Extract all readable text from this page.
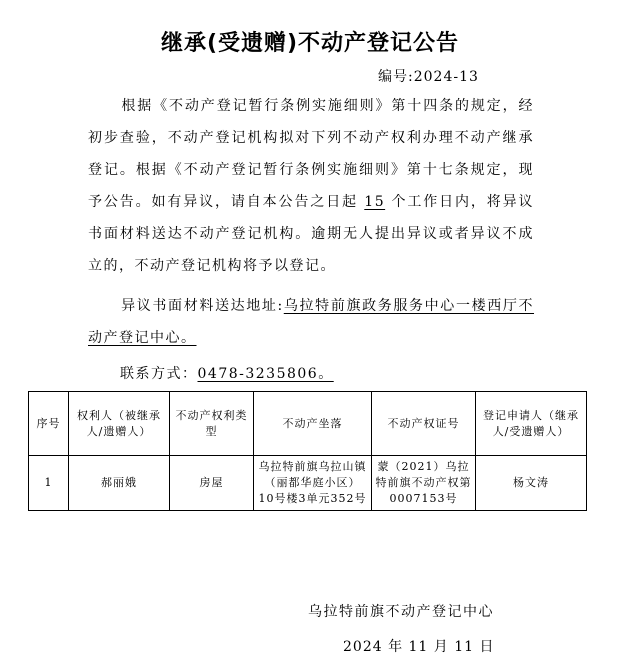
继承(受遗赠)不动产登记公告
编号:2024-13
根据《不动产登记暂行条例实施细则》第十四条的规定，经初步查验，不动产登记机构拟对下列不动产权利办理不动产继承登记。根据《不动产登记暂行条例实施细则》第十七条规定，现予公告。如有异议，请自本公告之日起 15 个工作日内，将异议书面材料送达不动产登记机构。逾期无人提出异议或者异议不成立的，不动产登记机构将予以登记。
异议书面材料送达地址:乌拉特前旗政务服务中心一楼西厅不动产登记中心。
联系方式：0478-3235806。
序号	权利人（被继承人/遗赠人）	不动产权利类型	不动产坐落	不动产权证号	登记申请人（继承人/受遗赠人）
1	郝丽娥	房屋	乌拉特前旗乌拉山镇（丽都华庭小区）10号楼3单元352号	蒙（2021）乌拉特前旗不动产权第0007153号	杨文涛
乌拉特前旗不动产登记中心
2024 年 11 月 11 日
